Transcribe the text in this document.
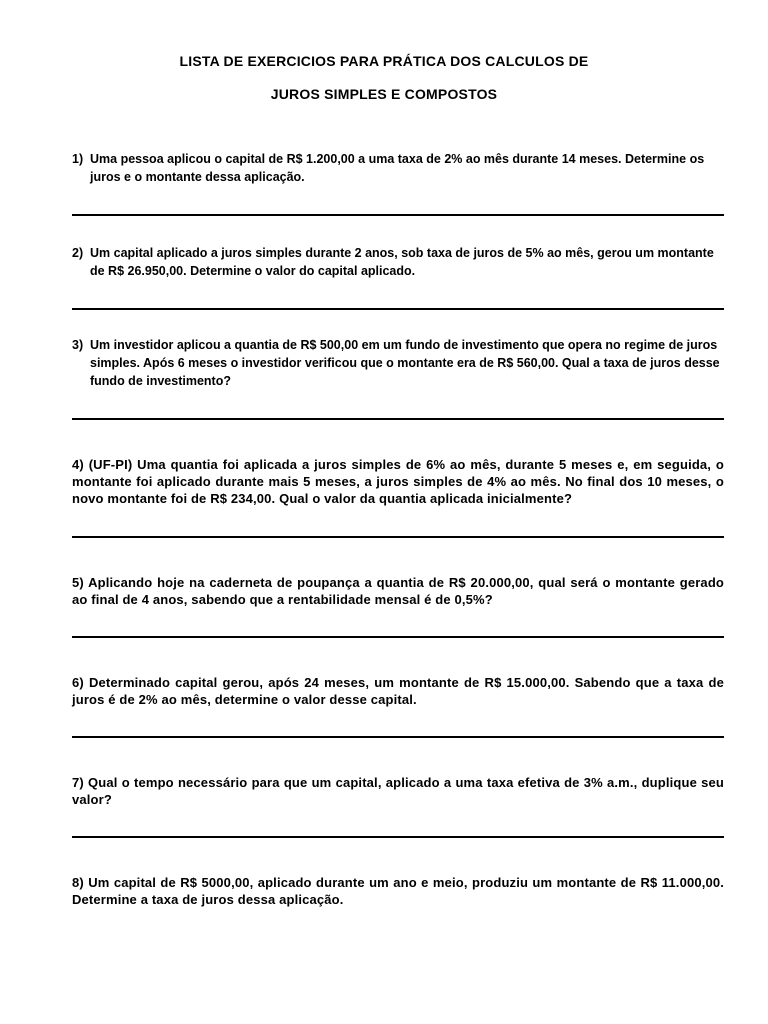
LISTA DE EXERCICIOS PARA PRÁTICA DOS CALCULOS DE
JUROS SIMPLES E COMPOSTOS
1) Uma pessoa aplicou o capital de R$ 1.200,00 a uma taxa de 2% ao mês durante 14 meses. Determine os juros e o montante dessa aplicação.
2) Um capital aplicado a juros simples durante 2 anos, sob taxa de juros de 5% ao mês, gerou um montante de R$ 26.950,00. Determine o valor do capital aplicado.
3) Um investidor aplicou a quantia de R$ 500,00 em um fundo de investimento que opera no regime de juros simples. Após 6 meses o investidor verificou que o montante era de R$ 560,00. Qual a taxa de juros desse fundo de investimento?
4) (UF-PI) Uma quantia foi aplicada a juros simples de 6% ao mês, durante 5 meses e, em seguida, o montante foi aplicado durante mais 5 meses, a juros simples de 4% ao mês. No final dos 10 meses, o novo montante foi de R$ 234,00. Qual o valor da quantia aplicada inicialmente?
5) Aplicando hoje na caderneta de poupança a quantia de R$ 20.000,00, qual será o montante gerado ao final de 4 anos, sabendo que a rentabilidade mensal é de 0,5%?
6) Determinado capital gerou, após 24 meses, um montante de R$ 15.000,00. Sabendo que a taxa de juros é de 2% ao mês, determine o valor desse capital.
7) Qual o tempo necessário para que um capital, aplicado a uma taxa efetiva de 3% a.m., duplique seu valor?
8) Um capital de R$ 5000,00, aplicado durante um ano e meio, produziu um montante de R$ 11.000,00. Determine a taxa de juros dessa aplicação.
